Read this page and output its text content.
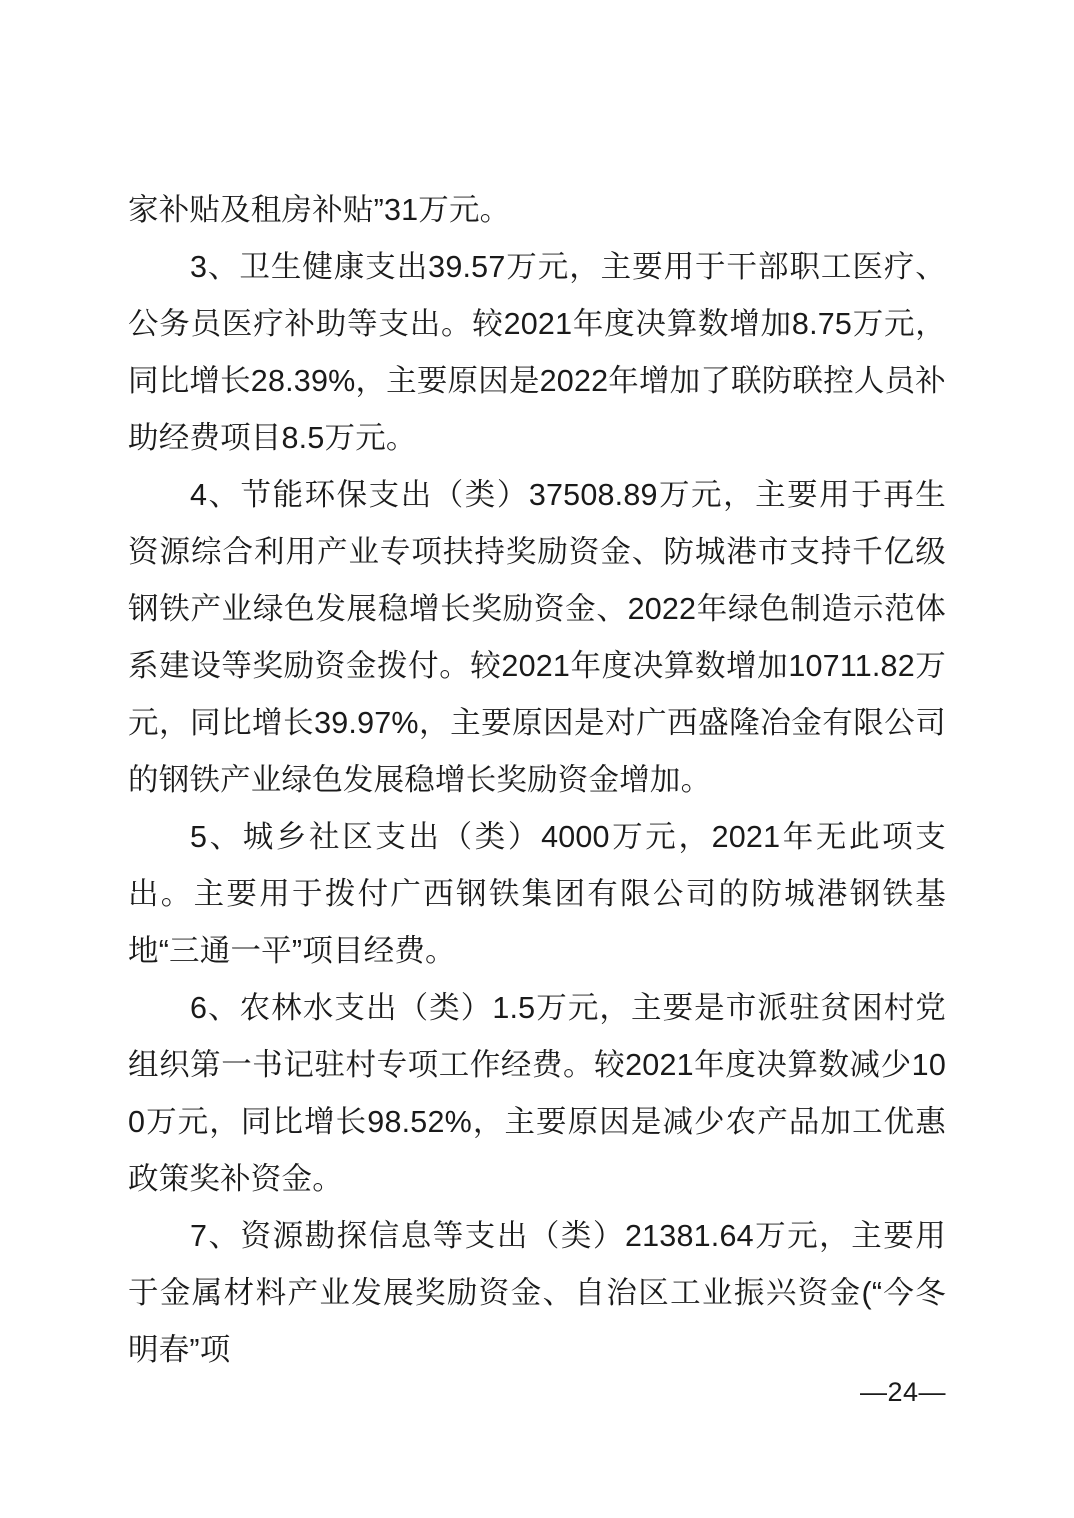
家补贴及租房补贴”31万元。

3、卫生健康支出39.57万元，主要用于干部职工医疗、公务员医疗补助等支出。较2021年度决算数增加8.75万元，同比增长28.39%，主要原因是2022年增加了联防联控人员补助经费项目8.5万元。

4、节能环保支出（类）37508.89万元，主要用于再生资源综合利用产业专项扶持奖励资金、防城港市支持千亿级钢铁产业绿色发展稳增长奖励资金、2022年绿色制造示范体系建设等奖励资金拨付。较2021年度决算数增加10711.82万元，同比增长39.97%，主要原因是对广西盛隆冶金有限公司的钢铁产业绿色发展稳增长奖励资金增加。

5、城乡社区支出（类）4000万元，2021年无此项支出。主要用于拨付广西钢铁集团有限公司的防城港钢铁基地“三通一平”项目经费。

6、农林水支出（类）1.5万元，主要是市派驻贫困村党组织第一书记驻村专项工作经费。较2021年度决算数减少100万元，同比增长98.52%，主要原因是减少农产品加工优惠政策奖补资金。

7、资源勘探信息等支出（类）21381.64万元，主要用于金属材料产业发展奖励资金、自治区工业振兴资金(“今冬明春”项

—24—
